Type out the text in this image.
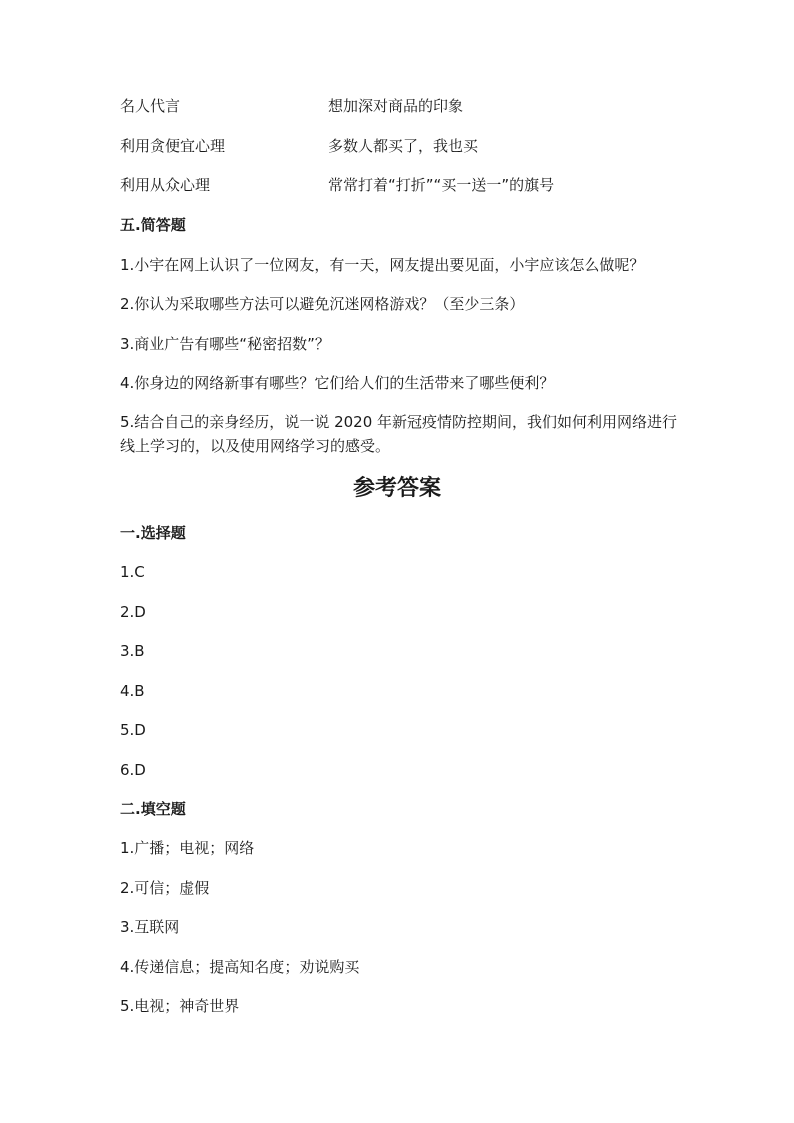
名人代言	想加深对商品的印象
利用贪便宜心理	多数人都买了，我也买
利用从众心理	常常打着“打折”“买一送一”的旗号
五.简答题
1.小宇在网上认识了一位网友，有一天，网友提出要见面，小宇应该怎么做呢？
2.你认为采取哪些方法可以避免沉迷网格游戏？（至少三条）
3.商业广告有哪些“秘密招数”？
4.你身边的网络新事有哪些？它们给人们的生活带来了哪些便利？
5.结合自己的亲身经历，说一说 2020 年新冠疫情防控期间，我们如何利用网络进行线上学习的，以及使用网络学习的感受。
参考答案
一.选择题
1.C
2.D
3.B
4.B
5.D
6.D
二.填空题
1.广播；电视；网络
2.可信；虚假
3.互联网
4.传递信息；提高知名度；劝说购买
5.电视；神奇世界
